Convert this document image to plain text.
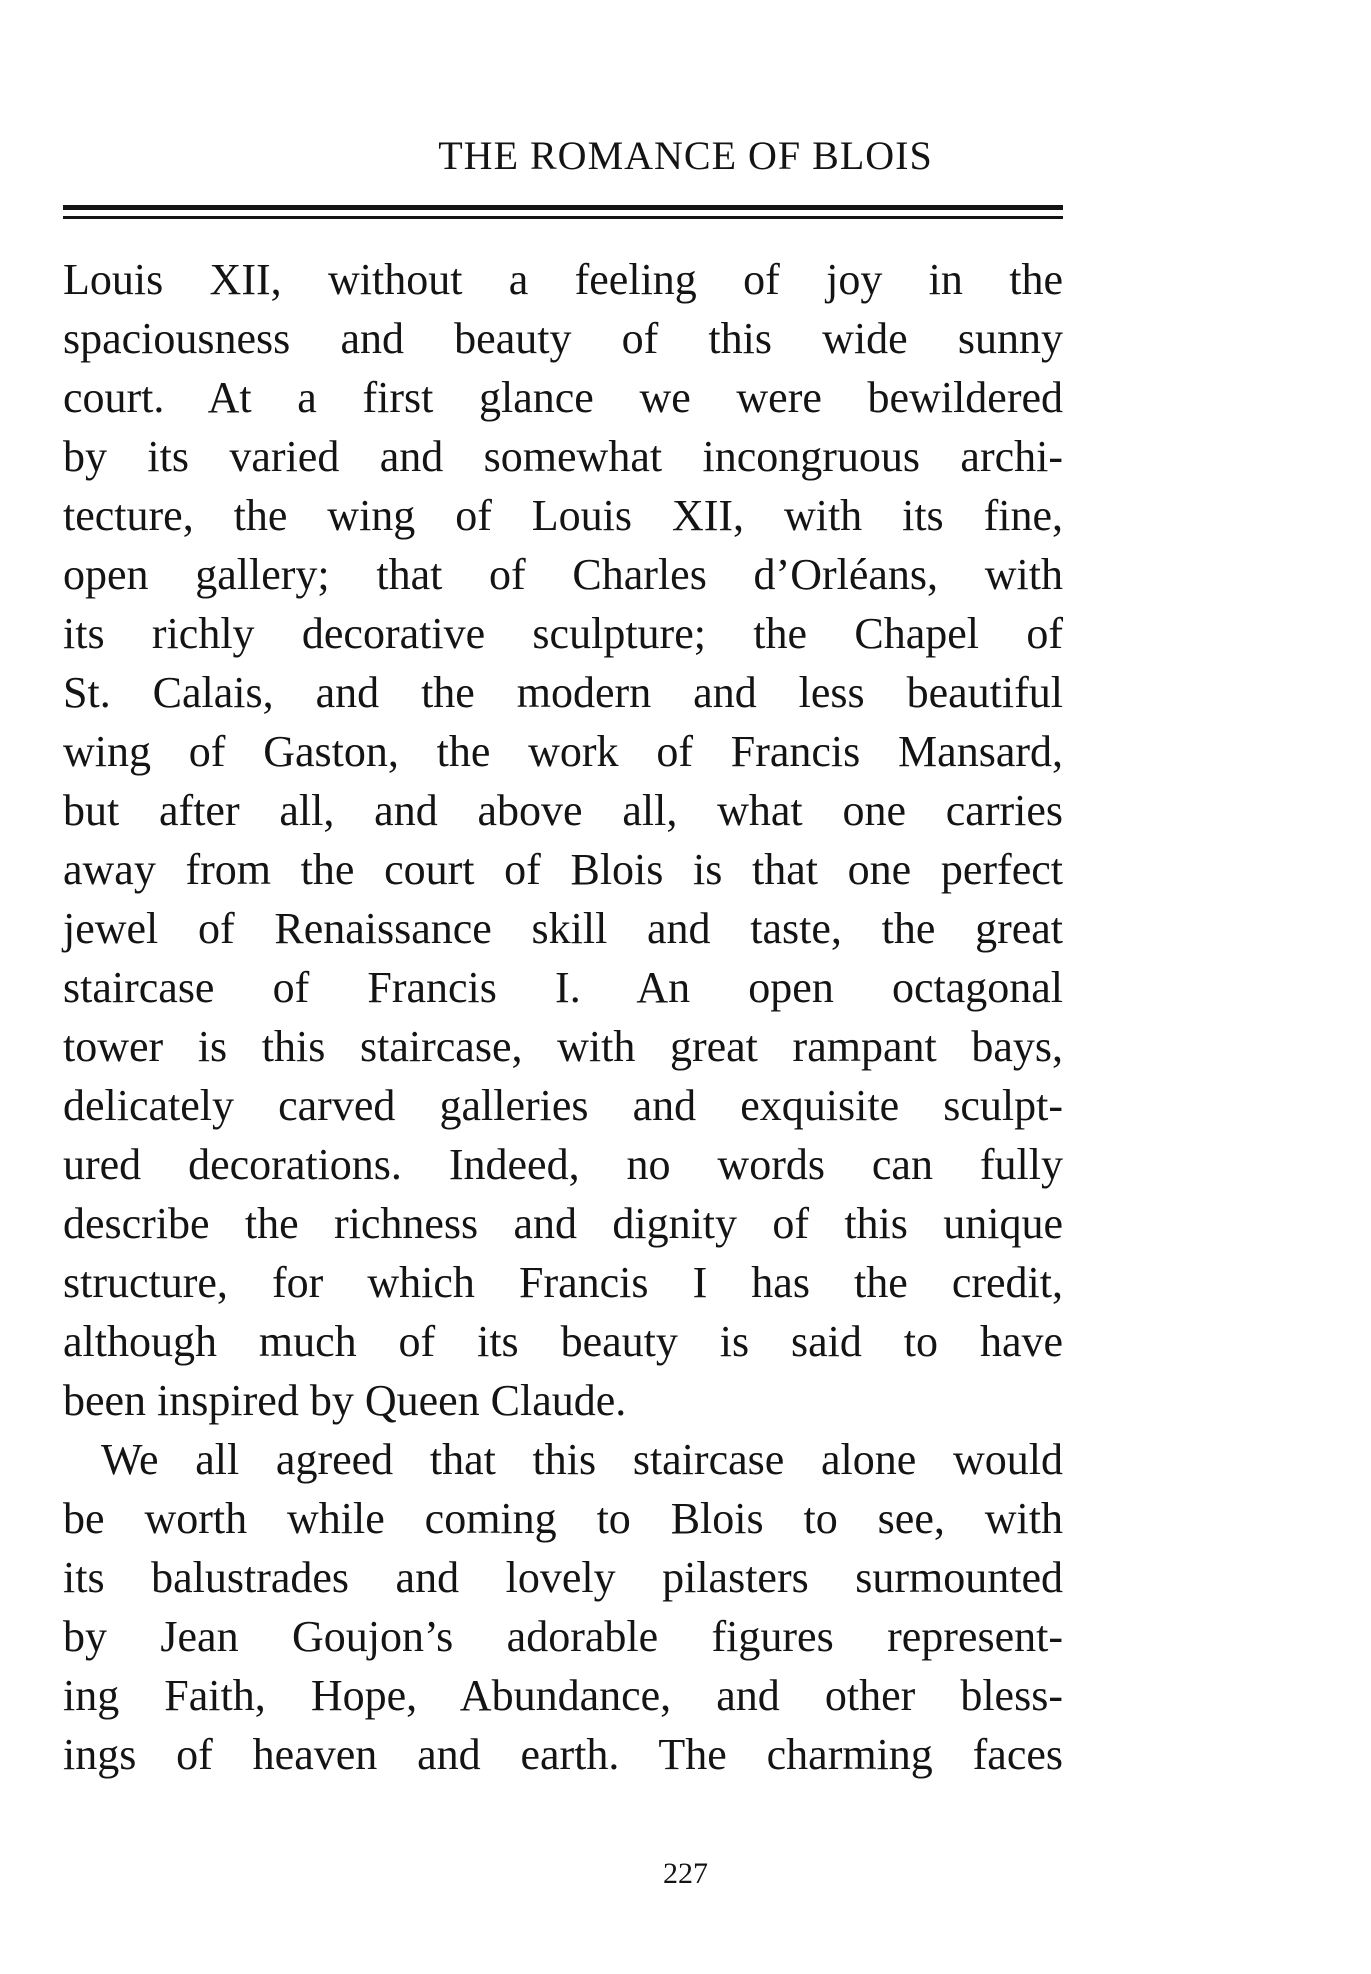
THE ROMANCE OF BLOIS
Louis XII, without a feeling of joy in the
spaciousness and beauty of this wide sunny
court. At a first glance we were bewildered
by its varied and somewhat incongruous archi-
tecture, the wing of Louis XII, with its fine,
open gallery; that of Charles d’Orléans, with
its richly decorative sculpture; the Chapel of
St. Calais, and the modern and less beautiful
wing of Gaston, the work of Francis Mansard,
but after all, and above all, what one carries
away from the court of Blois is that one perfect
jewel of Renaissance skill and taste, the great
staircase of Francis I. An open octagonal
tower is this staircase, with great rampant bays,
delicately carved galleries and exquisite sculpt-
ured decorations. Indeed, no words can fully
describe the richness and dignity of this unique
structure, for which Francis I has the credit,
although much of its beauty is said to have
been inspired by Queen Claude.
We all agreed that this staircase alone would
be worth while coming to Blois to see, with
its balustrades and lovely pilasters surmounted
by Jean Goujon’s adorable figures represent-
ing Faith, Hope, Abundance, and other bless-
ings of heaven and earth. The charming faces
227
